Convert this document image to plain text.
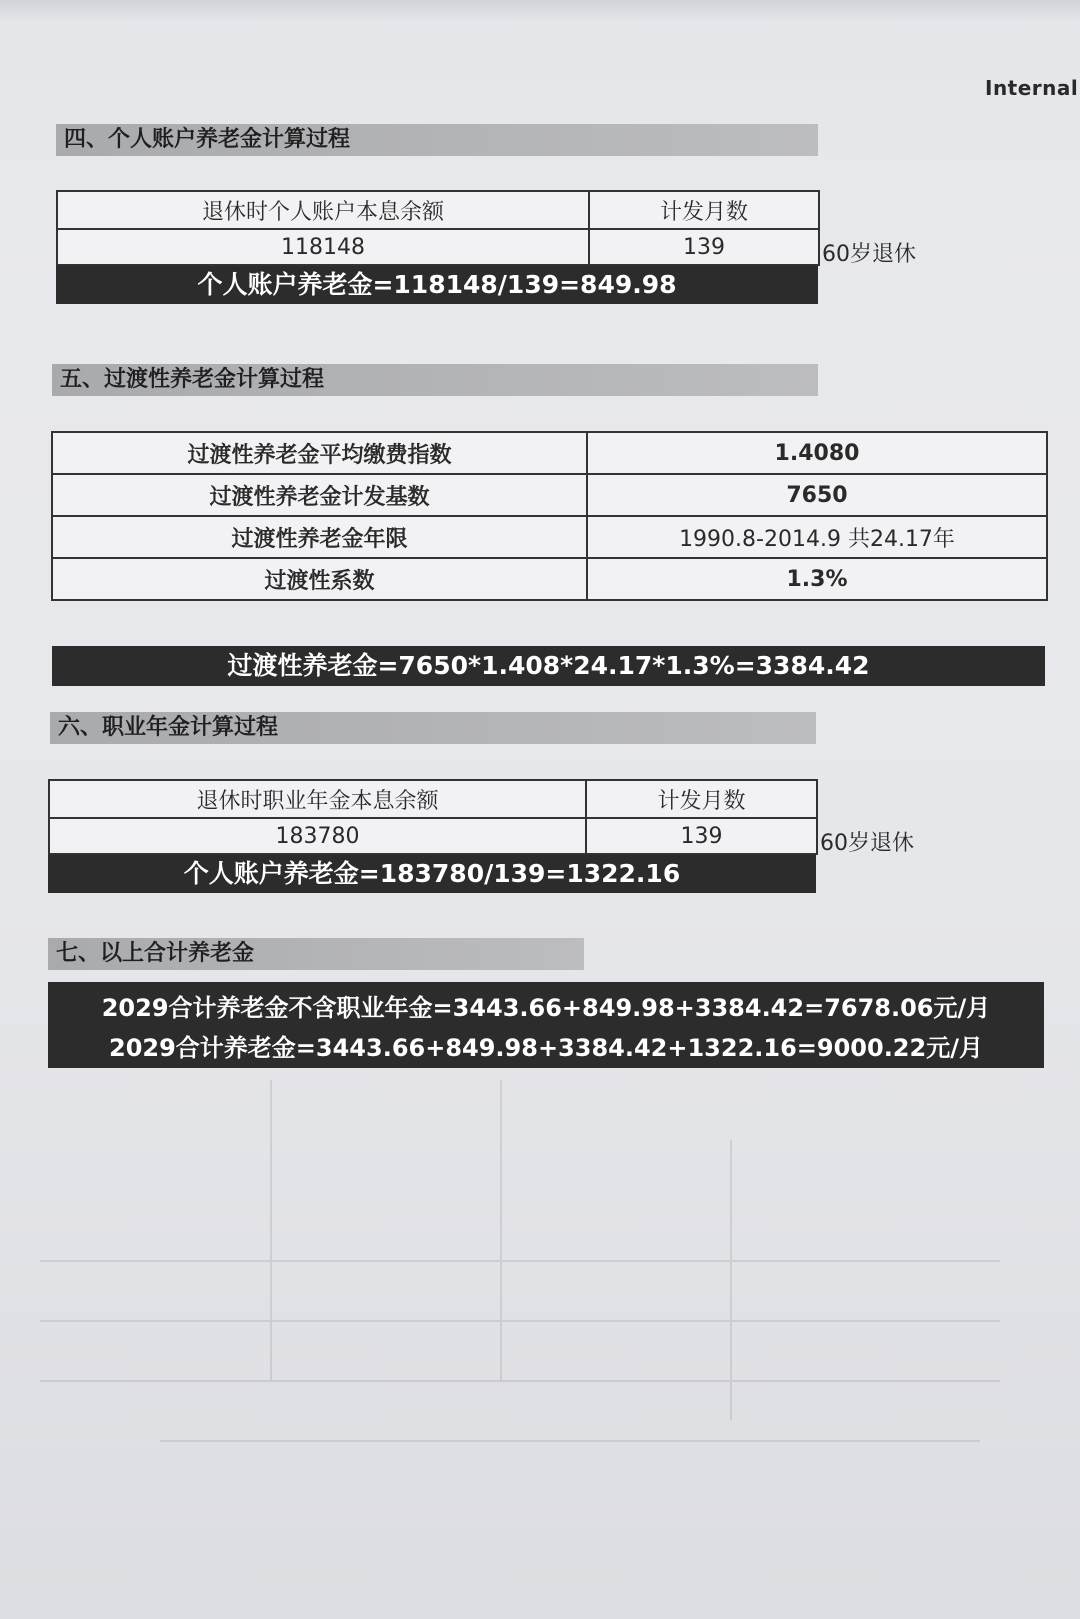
Internal
四、个人账户养老金计算过程
退休时个人账户本息余额	计发月数
118148	139	60岁退休
个人账户养老金=118148/139=849.98
五、过渡性养老金计算过程
过渡性养老金平均缴费指数	1.4080
过渡性养老金计发基数	7650
过渡性养老金年限	1990.8-2014.9 共24.17年
过渡性系数	1.3%
过渡性养老金=7650*1.408*24.17*1.3%=3384.42
六、职业年金计算过程
退休时职业年金本息余额	计发月数
183780	139	60岁退休
个人账户养老金=183780/139=1322.16
七、以上合计养老金
2029合计养老金不含职业年金=3443.66+849.98+3384.42=7678.06元/月
2029合计养老金=3443.66+849.98+3384.42+1322.16=9000.22元/月
